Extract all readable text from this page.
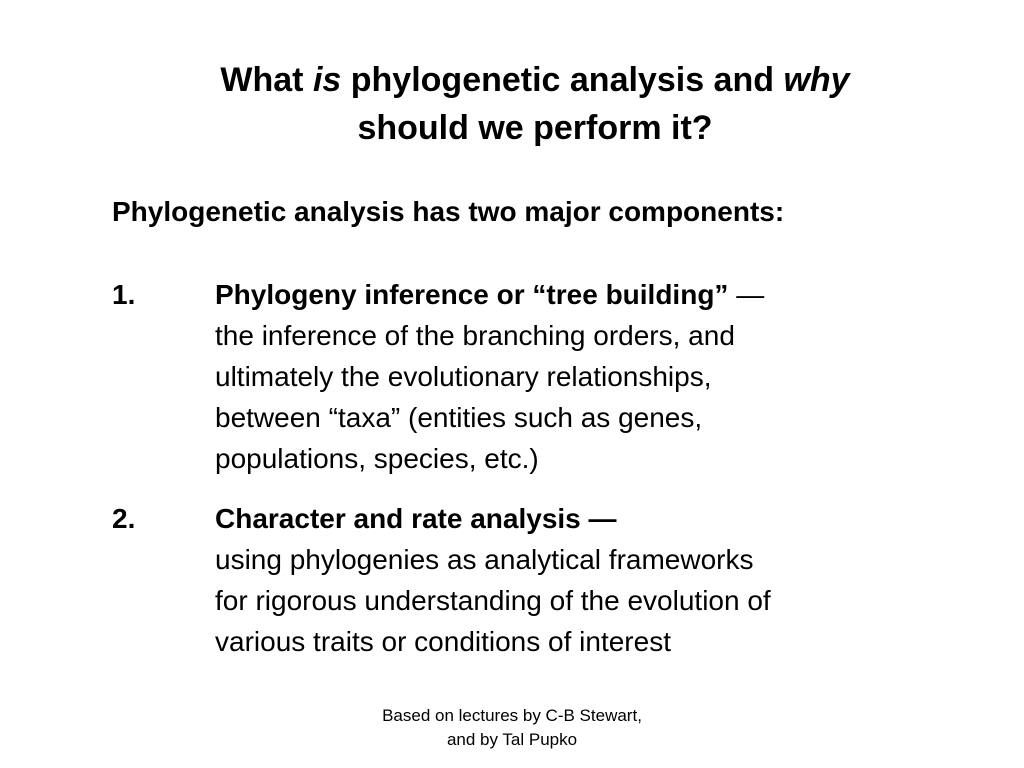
What is phylogenetic analysis and why
should we perform it?
Phylogenetic analysis has two major components:
1.	Phylogeny inference or “tree building” —
the inference of the branching orders, and
ultimately the evolutionary relationships,
between “taxa” (entities such as genes,
populations, species, etc.)
2.	Character and rate analysis —
using phylogenies as analytical frameworks
for rigorous understanding of the evolution of
various traits or conditions of interest
Based on lectures by C-B Stewart,
and by Tal Pupko
